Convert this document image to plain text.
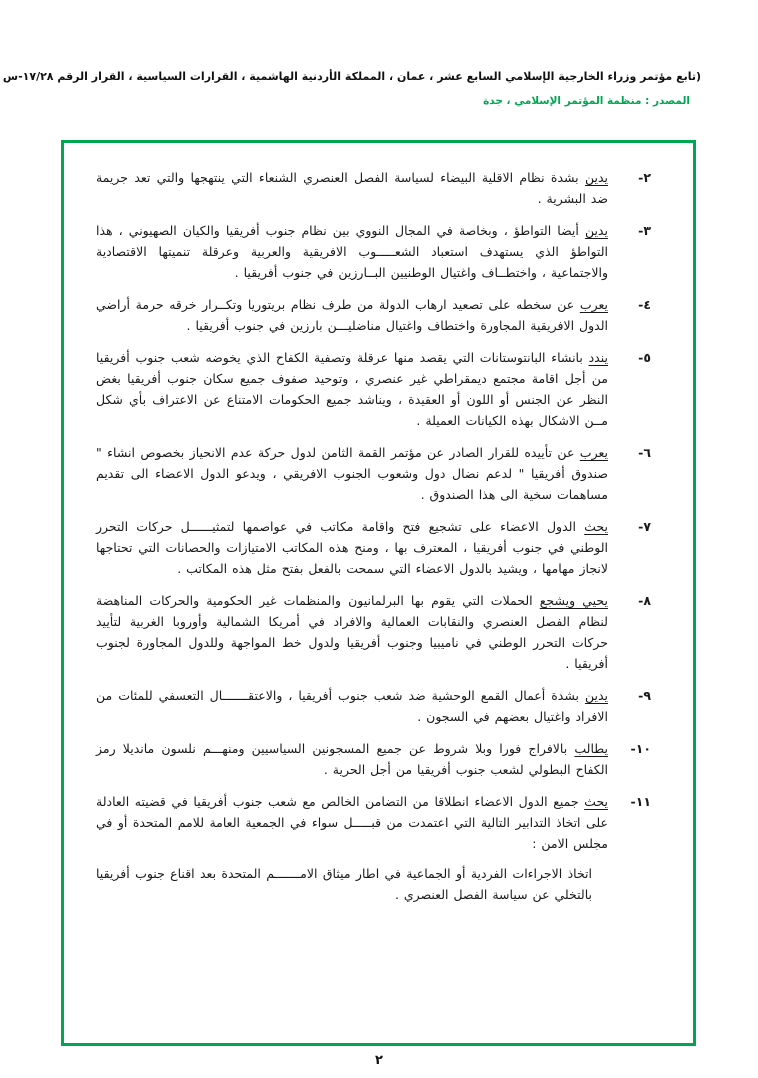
(تابع مؤتمر وزراء الخارجية الإسلامي السابع عشر ، عمان ، المملكة الأردنية الهاشمية ، القرارات السياسية ، القرار الرقم ١٧/٢٨-س
المصدر : منظمة المؤتمر الإسلامي ، جدة
٢-
يدين بشدة نظام الاقلية البيضاء لسياسة الفصل العنصري الشنعاء التي ينتهجها والتي تعد جريمة ضد البشرية .
٣-
يدين أيضا التواطؤ ، وبخاصة في المجال النووي بين نظام جنوب أفريقيا والكيان الصهيوني ، هذا التواطؤ الذي يستهدف استعباد الشعـــــوب الافريقية والعربية وعرقلة تنميتها الاقتصادية والاجتماعية ، واختطــاف واغتيال الوطنيين البــارزين في جنوب أفريقيا .
٤-
يعرب عن سخطه على تصعيد ارهاب الدولة من طرف نظام بريتوريا وتكــرار خرقه حرمة أراضي الدول الافريقية المجاورة واختطاف واغتيال مناضليـــن بارزين في جنوب أفريقيا .
٥-
يندد بانشاء البانتوستانات التي يقصد منها عرقلة وتصفية الكفاح الذي يخوضه شعب جنوب أفريقيا من أجل اقامة مجتمع ديمقراطي غير عنصري ، وتوحيد صفوف جميع سكان جنوب أفريقيا بغض النظر عن الجنس أو اللون أو العقيدة ، ويناشد جميع الحكومات الامتناع عن الاعتراف بأي شكل مــن الاشكال بهذه الكيانات العميلة .
٦-
يعرب عن تأييده للقرار الصادر عن مؤتمر القمة الثامن لدول حركة عدم الانحياز بخصوص انشاء " صندوق أفريقيا " لدعم نضال دول وشعوب الجنوب الافريقي ، ويدعو الدول الاعضاء الى تقديم مساهمات سخية الى هذا الصندوق .
٧-
يحث الدول الاعضاء على تشجيع فتح واقامة مكاتب في عواصمها لتمثيــــــل حركات التحرر الوطني في جنوب أفريقيا ، المعترف بها ، ومنح هذه المكاتب الامتيازات والحصانات التي تحتاجها لانجاز مهامها ، ويشيد بالدول الاعضاء التي سمحت بالفعل بفتح مثل هذه المكاتب .
٨-
يحيي ويشجع الحملات التي يقوم بها البرلمانيون والمنظمات غير الحكومية والحركات المناهضة لنظام الفصل العنصري والنقابات العمالية والافراد في أمريكا الشمالية وأوروبا الغربية لتأييد حركات التحرر الوطني في ناميبيا وجنوب أفريقيا ولدول خط المواجهة وللدول المجاورة لجنوب أفريقيا .
٩-
يدين بشدة أعمال القمع الوحشية ضد شعب جنوب أفريقيا ، والاعتقـــــــال التعسفي للمئات من الافراد واغتيال بعضهم في السجون .
١٠-
يطالب بالافراج فورا وبلا شروط عن جميع المسجونين السياسيين ومنهـــم نلسون مانديلا رمز الكفاح البطولي لشعب جنوب أفريقيا من أجل الحرية .
١١-
يحث جميع الدول الاعضاء انطلاقا من التضامن الخالص مع شعب جنوب أفريقيا في قضيته العادلة على اتخاذ التدابير التالية التي اعتمدت من قبـــــل سواء في الجمعية العامة للامم المتحدة أو في مجلس الامن :
اتخاذ الاجراءات الفردية أو الجماعية في اطار ميثاق الامـــــــم المتحدة بعد اقناع جنوب أفريقيا بالتخلي عن سياسة الفصل العنصري .
٢
